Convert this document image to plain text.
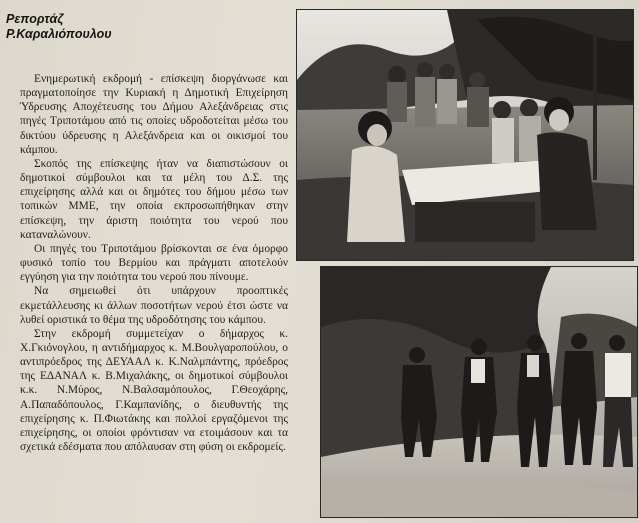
Ρεπορτάζ
Ρ.Καραλιόπουλου

Ενημερωτική εκδρομή - επίσκεψη διοργάνωσε και πραγματοποίησε την Κυριακή η Δημοτική Επιχείρηση Ύδρευσης Αποχέτευσης του Δήμου Αλεξάνδρειας στις πηγές Τριποτάμου από τις οποίες υδροδοτείται μέσω του δικτύου ύδρευσης η Αλεξάνδρεια και οι οικισμοί του κάμπου.

Σκοπός της επίσκεψης ήταν να διαπιστώσουν οι δημοτικοί σύμβουλοι και τα μέλη του Δ.Σ. της επιχείρησης αλλά και οι δημότες του δήμου μέσω των τοπικών ΜΜΕ, την οποία εκπροσωπήθηκαν στην επίσκεψη, την άριστη ποιότητα του νερού που καταναλώνουν.

Οι πηγές του Τριποτάμου βρίσκονται σε ένα όμορφο φυσικό τοπίο του Βερμίου και πράγματι αποτελούν εγγύηση για την ποιότητα του νερού που πίνουμε.

Να σημειωθεί ότι υπάρχουν προοπτικές εκμετάλλευσης κι άλλων ποσοτήτων νερού έτσι ώστε να λυθεί οριστικά το θέμα της υδροδότησης του κάμπου.

Στην εκδρομή συμμετείχαν ο δήμαρχος κ. Χ.Γκιόνογλου, η αντιδήμαρχος κ. Μ.Βουλγαροπούλου, ο αντιπρόεδρος της ΔΕΥΑΑΛ κ. Κ.Ναλμπάντης, πρόεδρος της ΕΔΑΝΑΛ κ. Β.Μιχαλάκης, οι δημοτικοί σύμβουλοι κ.κ. Ν.Μύρος, Ν.Βαλσαμόπουλος, Γ.Θεοχάρης, Α.Παπαδόπουλος, Γ.Καμπανίδης, ο διευθυντής της επιχείρησης κ. Π.Φιωτάκης και πολλοί εργαζόμενοι της επιχείρησης, οι οποίοι φρόντισαν να ετοιμάσουν και τα σχετικά εδέσματα που απόλαυσαν στη φύση οι εκδρομείς.
